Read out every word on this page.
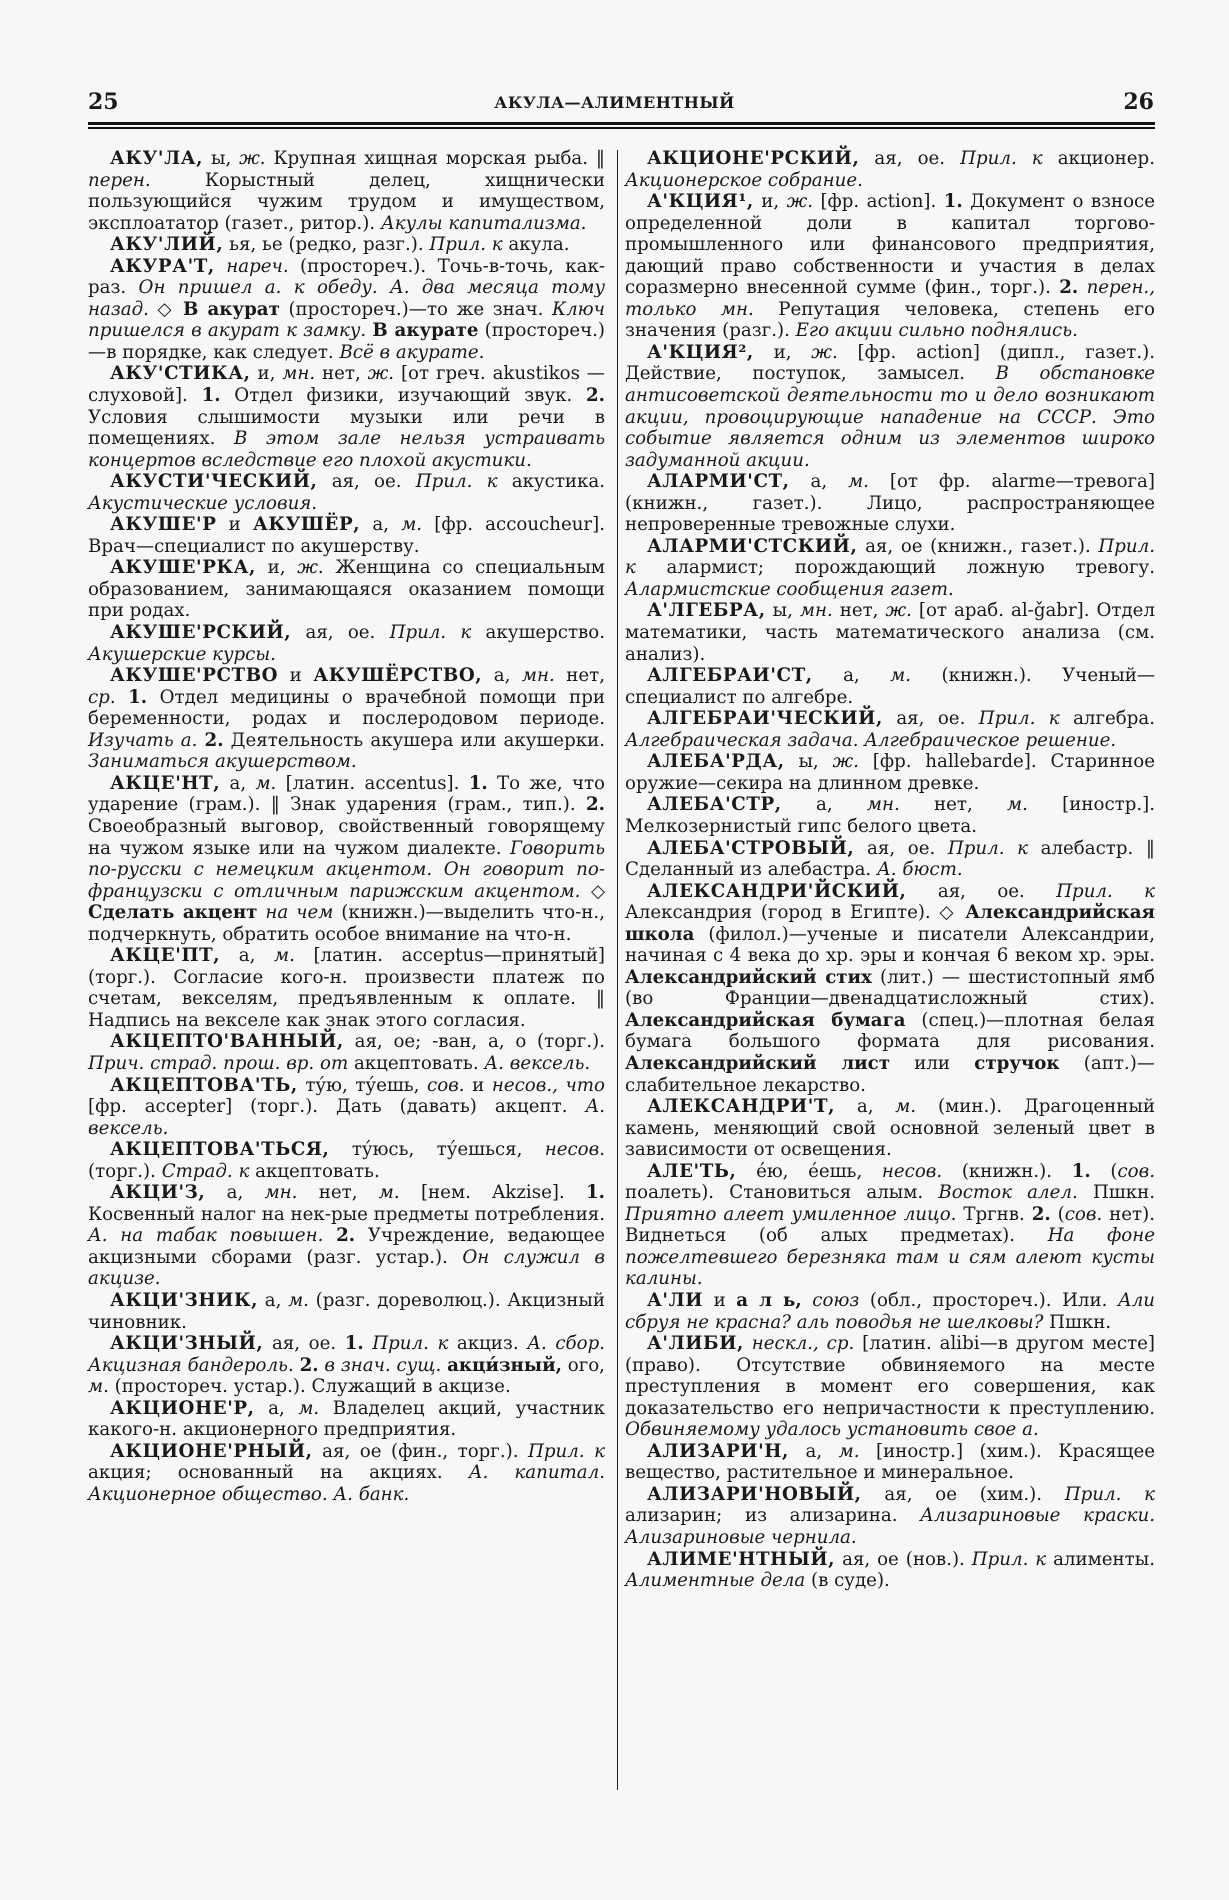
25	АКУЛА—АЛИМЕНТНЫЙ	26

АКУ'ЛА, ы, ж. Крупная хищная морская рыба. ‖ перен. Корыстный делец, хищнически пользующийся чужим трудом и имуществом, эксплоататор (газет., ритор.). Акулы капитализма.

АКУ'ЛИЙ, ья, ье (редко, разг.). Прил. к акула.

АКУРА'Т, нареч. (простореч.). Точь-в-точь, как-раз. Он пришел а. к обеду. А. два месяца тому назад. ◇ В акурат (простореч.)—то же знач. Ключ пришелся в акурат к замку. В акурате (простореч.)—в порядке, как следует. Всё в акурате.

АКУ'СТИКА, и, мн. нет, ж. [от греч. akustikos — слуховой]. 1. Отдел физики, изучающий звук. 2. Условия слышимости музыки или речи в помещениях. В этом зале нельзя устраивать концертов вследствие его плохой акустики.

АКУСТИ'ЧЕСКИЙ, ая, ое. Прил. к акустика. Акустические условия.

АКУШЕ'Р и АКУШЁР, а, м. [фр. accoucheur]. Врач—специалист по акушерству.

АКУШЕ'РКА, и, ж. Женщина со специальным образованием, занимающаяся оказанием помощи при родах.

АКУШЕ'РСКИЙ, ая, ое. Прил. к акушерство. Акушерские курсы.

АКУШЕ'РСТВО и АКУШЁРСТВО, а, мн. нет, ср. 1. Отдел медицины о врачебной помощи при беременности, родах и послеродовом периоде. Изучать а. 2. Деятельность акушера или акушерки. Заниматься акушерством.

АКЦЕ'НТ, а, м. [латин. accentus]. 1. То же, что ударение (грам.). ‖ Знак ударения (грам., тип.). 2. Своеобразный выговор, свойственный говорящему на чужом языке или на чужом диалекте. Говорить по-русски с немецким акцентом. Он говорит по-французски с отличным парижским акцентом. ◇ Сделать акцент на чем (книжн.)—выделить что-н., подчеркнуть, обратить особое внимание на что-н.

АКЦЕ'ПТ, а, м. [латин. acceptus—принятый] (торг.). Согласие кого-н. произвести платеж по счетам, векселям, предъявленным к оплате. ‖ Надпись на векселе как знак этого согласия.

АКЦЕПТО'ВАННЫЙ, ая, ое; -ван, а, о (торг.). Прич. страд. прош. вр. от акцептовать. А. вексель.

АКЦЕПТОВА'ТЬ, ту́ю, ту́ешь, сов. и несов., что [фр. accepter] (торг.). Дать (давать) акцепт. А. вексель.

АКЦЕПТОВА'ТЬСЯ, ту́юсь, ту́ешься, несов. (торг.). Страд. к акцептовать.

АКЦИ'З, а, мн. нет, м. [нем. Akzise]. 1. Косвенный налог на нек-рые предметы потребления. А. на табак повышен. 2. Учреждение, ведающее акцизными сборами (разг. устар.). Он служил в акцизе.

АКЦИ'ЗНИК, а, м. (разг. дореволюц.). Акцизный чиновник.

АКЦИ'ЗНЫЙ, ая, ое. 1. Прил. к акциз. А. сбор. Акцизная бандероль. 2. в знач. сущ. акци́зный, ого, м. (простореч. устар.). Служащий в акцизе.

АКЦИОНЕ'Р, а, м. Владелец акций, участник какого-н. акционерного предприятия.

АКЦИОНЕ'РНЫЙ, ая, ое (фин., торг.). Прил. к акция; основанный на акциях. А. капитал. Акционерное общество. А. банк.

АКЦИОНЕ'РСКИЙ, ая, ое. Прил. к акционер. Акционерское собрание.

А'КЦИЯ¹, и, ж. [фр. action]. 1. Документ о взносе определенной доли в капитал торгово-промышленного или финансового предприятия, дающий право собственности и участия в делах соразмерно внесенной сумме (фин., торг.). 2. перен., только мн. Репутация человека, степень его значения (разг.). Его акции сильно поднялись.

А'КЦИЯ², и, ж. [фр. action] (дипл., газет.). Действие, поступок, замысел. В обстановке антисоветской деятельности то и дело возникают акции, провоцирующие нападение на СССР. Это событие является одним из элементов широко задуманной акции.

АЛАРМИ'СТ, а, м. [от фр. alarme—тревога] (книжн., газет.). Лицо, распространяющее непроверенные тревожные слухи.

АЛАРМИ'СТСКИЙ, ая, ое (книжн., газет.). Прил. к алармист; порождающий ложную тревогу. Алармистские сообщения газет.

А'ЛГЕБРА, ы, мн. нет, ж. [от араб. al-ǧabr]. Отдел математики, часть математического анализа (см. анализ).

АЛГЕБРАИ'СТ, а, м. (книжн.). Ученый—специалист по алгебре.

АЛГЕБРАИ'ЧЕСКИЙ, ая, ое. Прил. к алгебра. Алгебраическая задача. Алгебраическое решение.

АЛЕБА'РДА, ы, ж. [фр. hallebarde]. Старинное оружие—секира на длинном древке.

АЛЕБА'СТР, а, мн. нет, м. [иностр.]. Мелкозернистый гипс белого цвета.

АЛЕБА'СТРОВЫЙ, ая, ое. Прил. к алебастр. ‖ Сделанный из алебастра. А. бюст.

АЛЕКСАНДРИ'ЙСКИЙ, ая, ое. Прил. к Александрия (город в Египте). ◇ Александрийская школа (филол.)—ученые и писатели Александрии, начиная с 4 века до хр. эры и кончая 6 веком хр. эры. Александрийский стих (лит.) — шестистопный ямб (во Франции—двенадцатисложный стих). Александрийская бумага (спец.)—плотная белая бумага большого формата для рисования. Александрийский лист или стручок (апт.)—слабительное лекарство.

АЛЕКСАНДРИ'Т, а, м. (мин.). Драгоценный камень, меняющий свой основной зеленый цвет в зависимости от освещения.

АЛЕ'ТЬ, е́ю, е́ешь, несов. (книжн.). 1. (сов. поалеть). Становиться алым. Восток алел. Пшкн. Приятно алеет умиленное лицо. Тргнв. 2. (сов. нет). Виднеться (об алых предметах). На фоне пожелтевшего березняка там и сям алеют кусты калины.

А'ЛИ и а л ь, союз (обл., простореч.). Или. Али сбруя не красна? аль поводья не шелковы? Пшкн.

А'ЛИБИ, нескл., ср. [латин. alibi—в другом месте] (право). Отсутствие обвиняемого на месте преступления в момент его совершения, как доказательство его непричастности к преступлению. Обвиняемому удалось установить свое а.

АЛИЗАРИ'Н, а, м. [иностр.] (хим.). Красящее вещество, растительное и минеральное.

АЛИЗАРИ'НОВЫЙ, ая, ое (хим.). Прил. к ализарин; из ализарина. Ализариновые краски. Ализариновые чернила.

АЛИМЕ'НТНЫЙ, ая, ое (нов.). Прил. к алименты. Алиментные дела (в суде).
